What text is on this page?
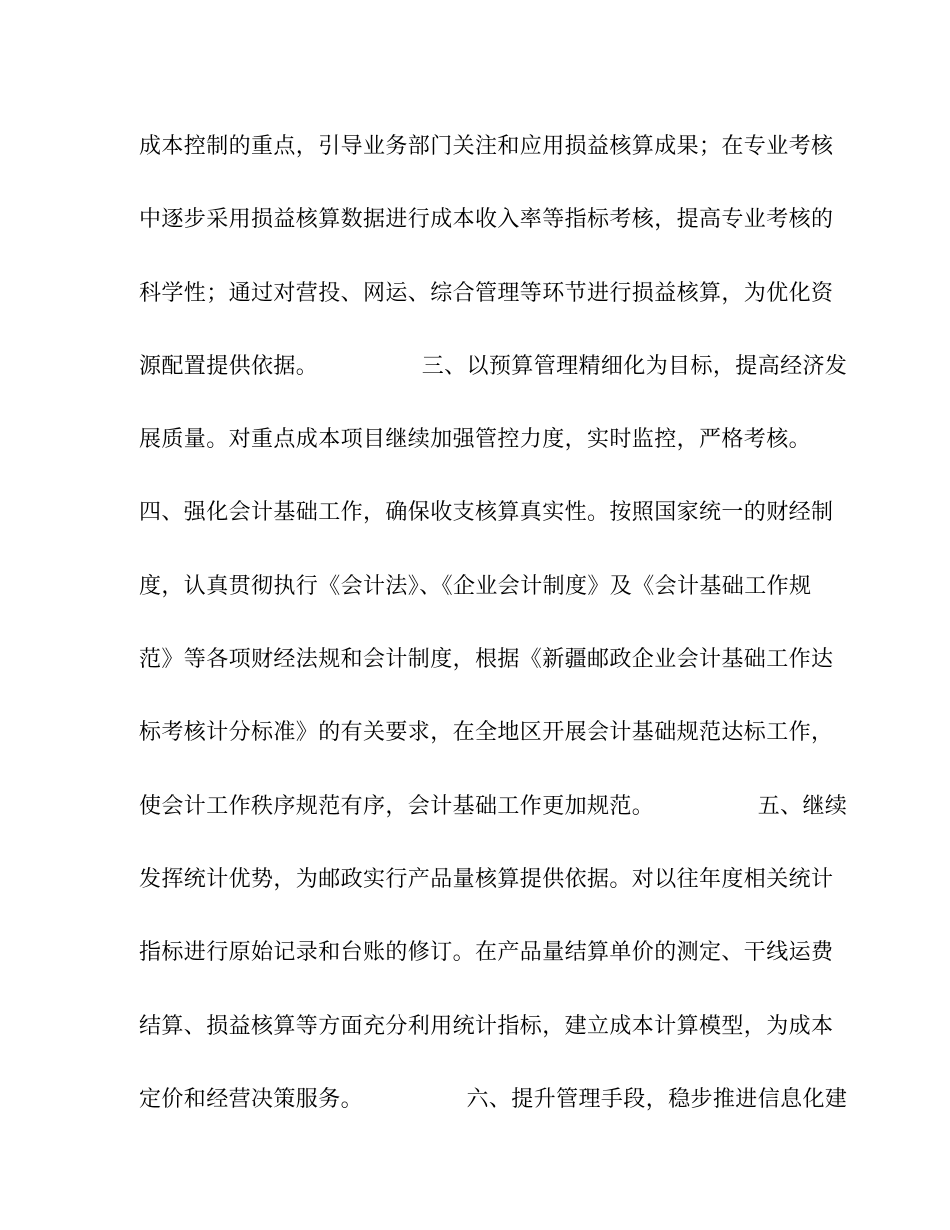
成本控制的重点，引导业务部门关注和应用损益核算成果；在专业考核
中逐步采用损益核算数据进行成本收入率等指标考核，提高专业考核的
科学性；通过对营投、网运、综合管理等环节进行损益核算，为优化资
源配置提供依据。              三、以预算管理精细化为目标，提高经济发
展质量。对重点成本项目继续加强管控力度，实时监控，严格考核。
四、强化会计基础工作，确保收支核算真实性。按照国家统一的财经制
度，认真贯彻执行《会计法》、《企业会计制度》及《会计基础工作规
范》等各项财经法规和会计制度，根据《新疆邮政企业会计基础工作达
标考核计分标准》的有关要求，在全地区开展会计基础规范达标工作，
使会计工作秩序规范有序，会计基础工作更加规范。              五、继续
发挥统计优势，为邮政实行产品量核算提供依据。对以往年度相关统计
指标进行原始记录和台账的修订。在产品量结算单价的测定、干线运费
结算、损益核算等方面充分利用统计指标，建立成本计算模型，为成本
定价和经营决策服务。              六、提升管理手段，稳步推进信息化建
